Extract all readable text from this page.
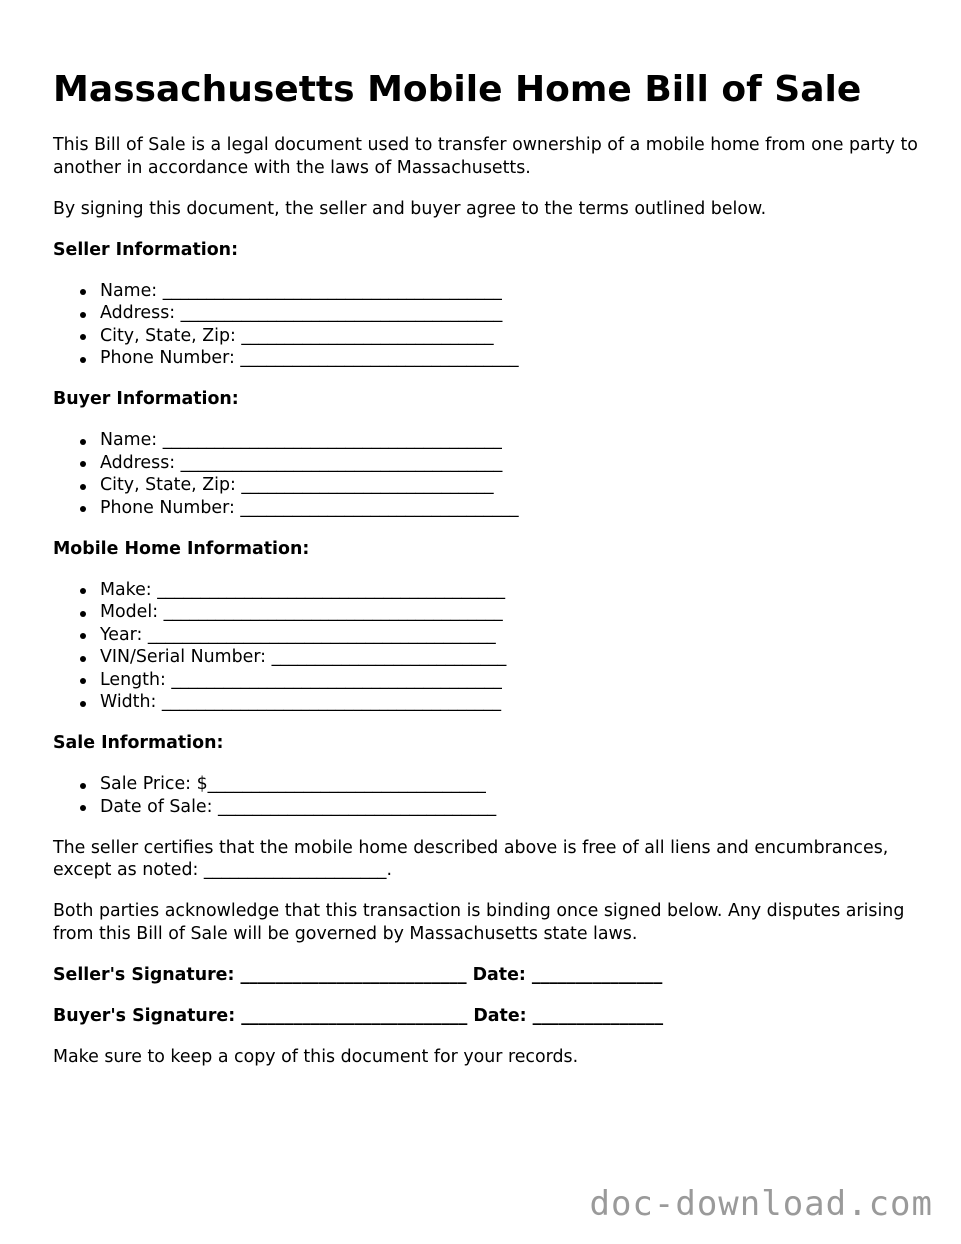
Massachusetts Mobile Home Bill of Sale

This Bill of Sale is a legal document used to transfer ownership of a mobile home from one party to another in accordance with the laws of Massachusetts.

By signing this document, the seller and buyer agree to the terms outlined below.

Seller Information:
Name: _______________________________________
Address: _____________________________________
City, State, Zip: _____________________________
Phone Number: ________________________________
Buyer Information:
Name: _______________________________________
Address: _____________________________________
City, State, Zip: _____________________________
Phone Number: ________________________________
Mobile Home Information:
Make: ________________________________________
Model: _______________________________________
Year: ________________________________________
VIN/Serial Number: ___________________________
Length: ______________________________________
Width: _______________________________________
Sale Information:
Sale Price: $________________________________
Date of Sale: ________________________________

The seller certifies that the mobile home described above is free of all liens and encumbrances, except as noted: _____________________.

Both parties acknowledge that this transaction is binding once signed below. Any disputes arising from this Bill of Sale will be governed by Massachusetts state laws.

Seller's Signature: __________________________ Date: _______________
Buyer's Signature: __________________________ Date: _______________

Make sure to keep a copy of this document for your records.

doc-download.com
